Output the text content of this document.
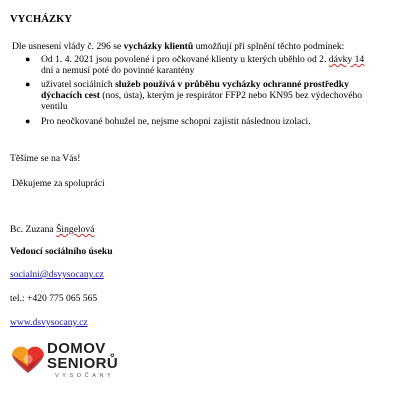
VYCHÁZKY
Dle usnesení vlády č. 296 se vycházky klientů umožňují při splnění těchto podmínek:
● Od 1. 4. 2021 jsou povolené i pro očkované klienty u kterých uběhlo od 2. dávky 14 dní a nemusí poté do povinné karantény
● uživatel sociálních služeb používá v průběhu vycházky ochranné prostředky dýchacích cest (nos, ústa), kterým je respirátor FFP2 nebo KN95 bez výdechového ventilu
● Pro neočkované bohužel ne, nejsme schopni zajistit následnou izolaci.
Těšíme se na Vás!
Děkujeme za spolupráci
Bc. Zuzana Šingelová
Vedoucí sociálního úseku
socialni@dsvysocany.cz
tel.: +420 775 065 565
www.dsvysocany.cz
DOMOV
SENIORŮ
VYSOČANY
